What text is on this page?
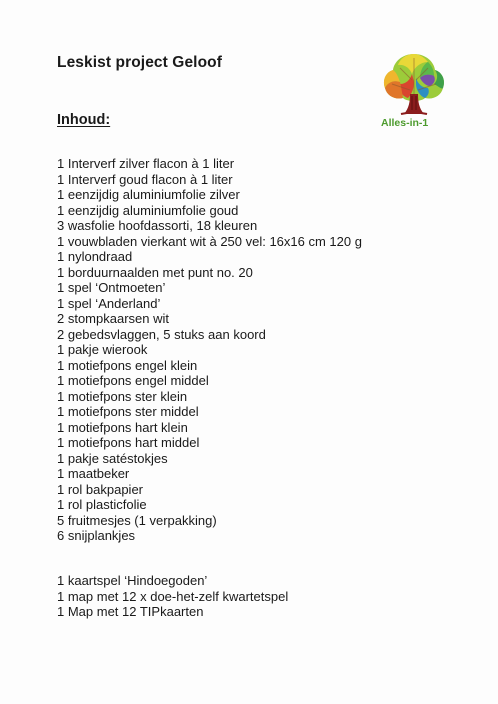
Leskist project Geloof
Alles-in-1
Inhoud:
1 Interverf zilver flacon à 1 liter
1 Interverf goud flacon à 1 liter
1 eenzijdig aluminiumfolie zilver
1 eenzijdig aluminiumfolie goud
3 wasfolie hoofdassorti, 18 kleuren
1 vouwbladen vierkant wit à 250 vel: 16x16 cm 120 g
1 nylondraad
1 borduurnaalden met punt no. 20
1 spel ‘Ontmoeten’
1 spel ‘Anderland’
2 stompkaarsen wit
2 gebedsvlaggen, 5 stuks aan koord
1 pakje wierook
1 motiefpons engel klein
1 motiefpons engel middel
1 motiefpons ster klein
1 motiefpons ster middel
1 motiefpons hart klein
1 motiefpons hart middel
1 pakje satéstokjes
1 maatbeker
1 rol bakpapier
1 rol plasticfolie
5 fruitmesjes (1 verpakking)
6 snijplankjes
1 kaartspel ‘Hindoegoden’
1 map met 12 x doe-het-zelf kwartetspel
1 Map met 12 TIPkaarten
